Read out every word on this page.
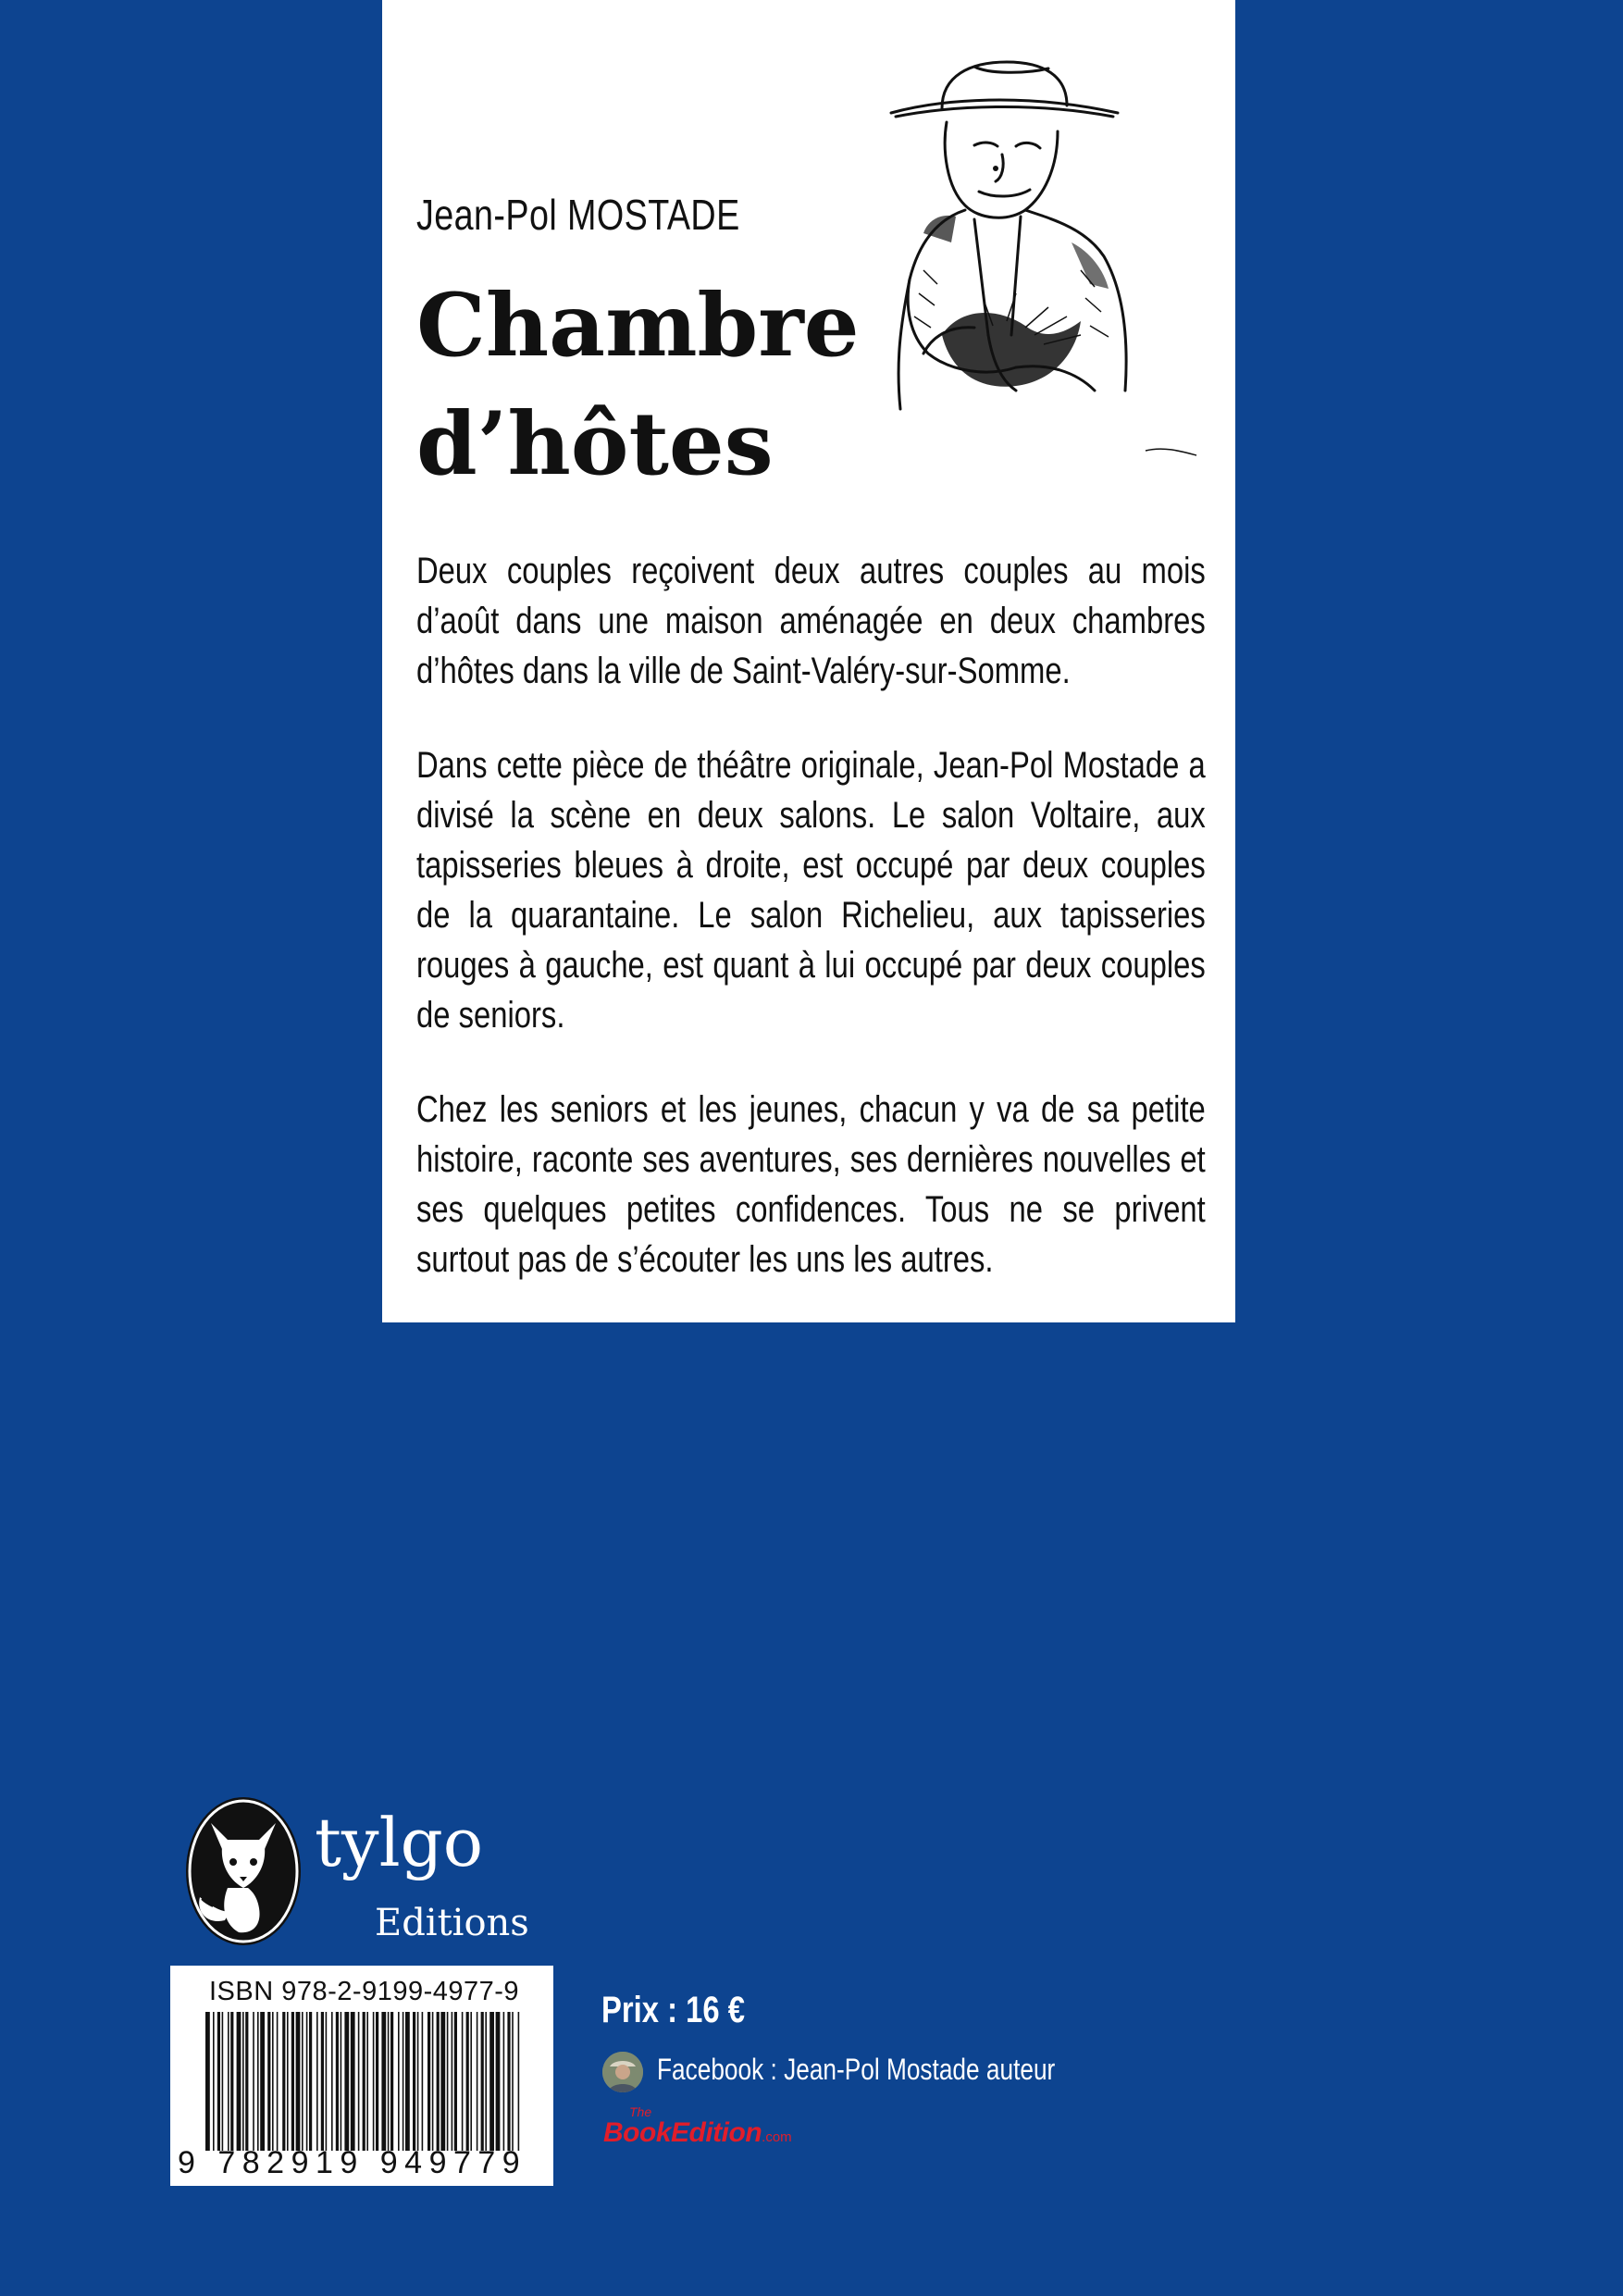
Jean-Pol MOSTADE
Chambre
d’hôtes

Deux couples reçoivent deux autres couples au mois d’août dans une maison aménagée en deux chambres d’hôtes dans la ville de Saint-Valéry-sur-Somme.

Dans cette pièce de théâtre originale, Jean-Pol Mostade a divisé la scène en deux salons. Le salon Voltaire, aux tapisseries bleues à droite, est occupé par deux couples de la quarantaine. Le salon Richelieu, aux tapisseries rouges à gauche, est quant à lui occupé par deux couples de seniors.

Chez les seniors et les jeunes, chacun y va de sa petite histoire, raconte ses aventures, ses dernières nouvelles et ses quelques petites confidences. Tous ne se privent surtout pas de s’écouter les uns les autres.

tylgo
Editions
ISBN 978-2-9199-4977-9
9 782919 949779
Prix : 16 €
Facebook : Jean-Pol Mostade auteur
The
BookEdition.com
